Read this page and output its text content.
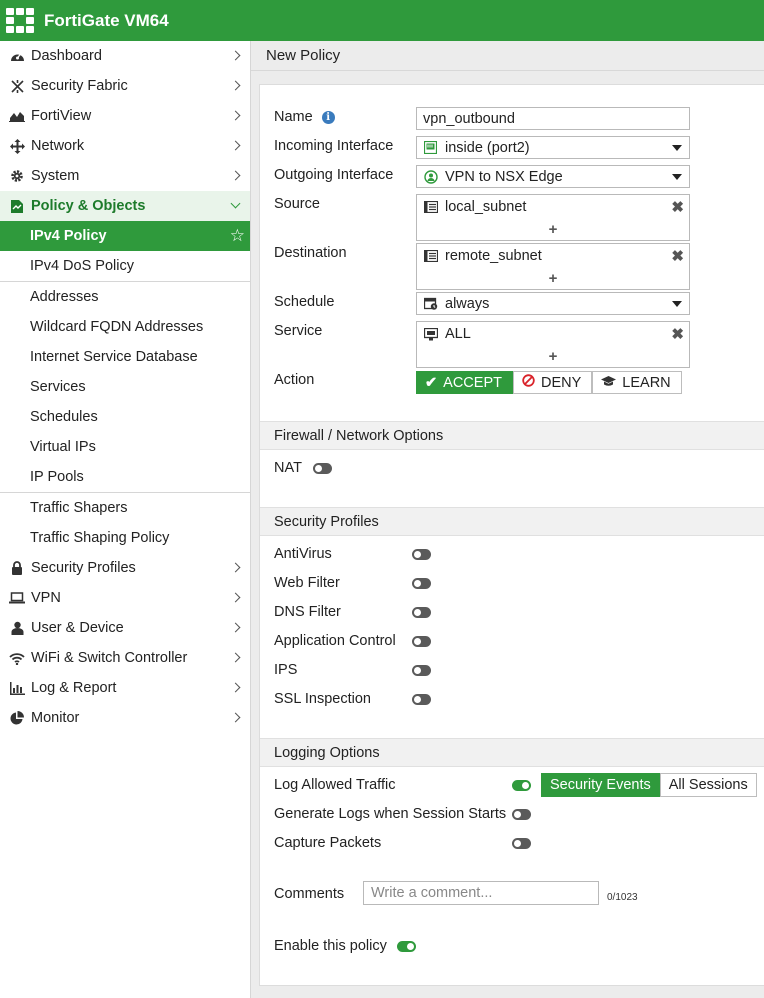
FortiGate VM64
Dashboard
Security Fabric
FortiView
Network
System
Policy & Objects
IPv4 Policy	☆
IPv4 DoS Policy
Addresses
Wildcard FQDN Addresses
Internet Service Database
Services
Schedules
Virtual IPs
IP Pools
Traffic Shapers
Traffic Shaping Policy
Security Profiles
VPN
User & Device
WiFi & Switch Controller
Log & Report
Monitor
New Policy
Name	i	vpn_outbound
Incoming Interface	inside (port2)
Outgoing Interface	VPN to NSX Edge
Source	local_subnet	✖
+
Destination	remote_subnet	✖
+
Schedule	always
Service	ALL	✖
+
Action	✔ ACCEPT	DENY	LEARN
Firewall / Network Options
NAT
Security Profiles
AntiVirus
Web Filter
DNS Filter
Application Control
IPS
SSL Inspection
Logging Options
Log Allowed Traffic	Security Events	All Sessions
Generate Logs when Session Starts
Capture Packets
Comments
Write a comment...	0/1023
Enable this policy
